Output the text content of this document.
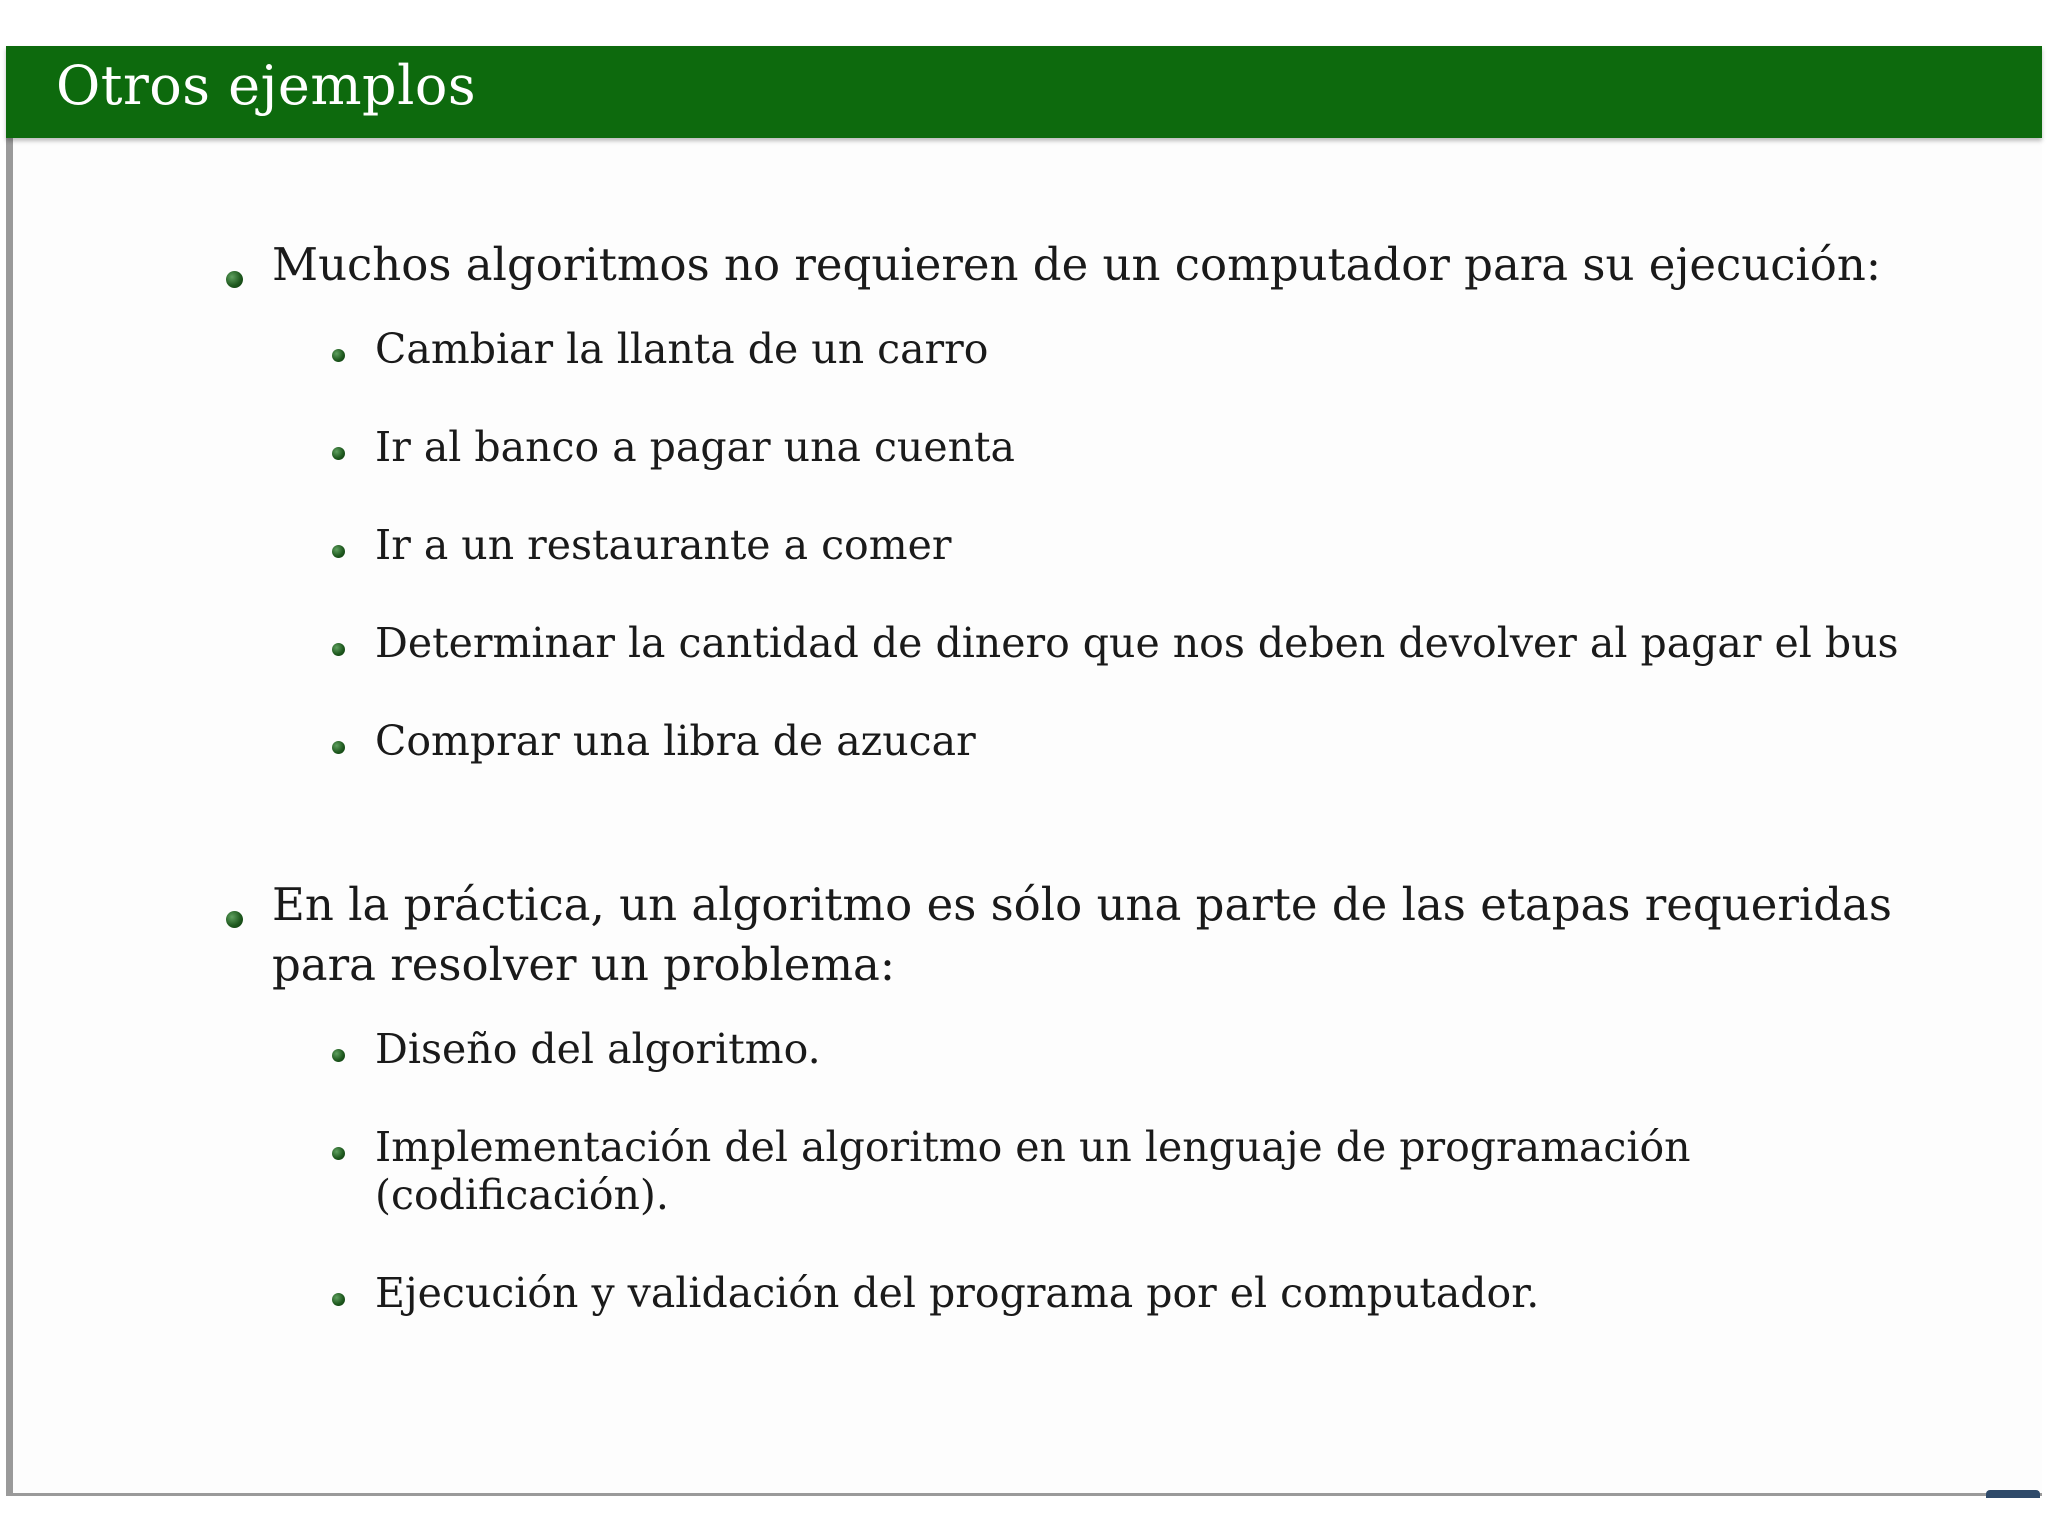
Otros ejemplos
Muchos algoritmos no requieren de un computador para su ejecución:
Cambiar la llanta de un carro
Ir al banco a pagar una cuenta
Ir a un restaurante a comer
Determinar la cantidad de dinero que nos deben devolver al pagar el bus
Comprar una libra de azucar
En la práctica, un algoritmo es sólo una parte de las etapas requeridas para resolver un problema:
Diseño del algoritmo.
Implementación del algoritmo en un lenguaje de programación (codificación).
Ejecución y validación del programa por el computador.
